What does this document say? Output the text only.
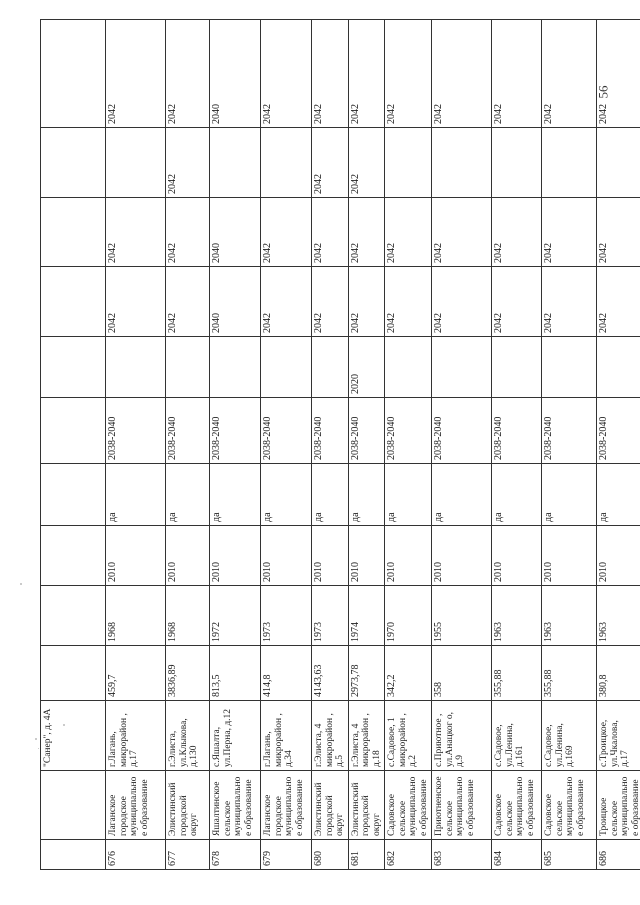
		"Санер", д. 4А										
676	Лаганское городское муниципальное образование	г.Лагань, микрорайон , д.17	459,7	1968	2010	да	2038-2040		2042	2042		2042
677	Элистинский городской округ	г.Элиста, ул.Клыкова, д.130	3836,89	1968	2010	да	2038-2040		2042	2042	2042	2042
678	Яшалтинское сельское муниципальное образование	с.Яшалта, ул.Перна, д.12	813,5	1972	2010	да	2038-2040		2040	2040		2040
679	Лаганское городское муниципальное образование	г.Лагань, микрорайон , д.34	414,8	1973	2010	да	2038-2040		2042	2042		2042
680	Элистинский городской округ	г.Элиста, 4 микрорайон , д.5	4143,63	1973	2010	да	2038-2040		2042	2042	2042	2042
681	Элистинский городской округ	г.Элиста, 4 микрорайон , д.18	2973,78	1974	2010	да	2038-2040	2020	2042	2042	2042	2042
682	Садовское сельское муниципальное образование	с.Садовое, 1 микрорайон , д.2	342,2	1970	2010	да	2038-2040		2042	2042		2042
683	Приютненское сельское муниципальное образование	с.Приютное , ул.Анацког о, д.9	358	1955	2010	да	2038-2040		2042	2042		2042
684	Садовское сельское муниципальное образование	с.Садовое, ул.Ленина, д.161	355,88	1963	2010	да	2038-2040		2042	2042		2042
685	Садовское сельское муниципальное образование	с.Садовое, ул.Ленина, д.169	355,88	1963	2010	да	2038-2040		2042	2042		2042
686	Троицкое сельское муниципальное образование	с.Троицкое, ул.Чкалова, д.17	380,8	1963	2010	да	2038-2040		2042	2042		2042
56
